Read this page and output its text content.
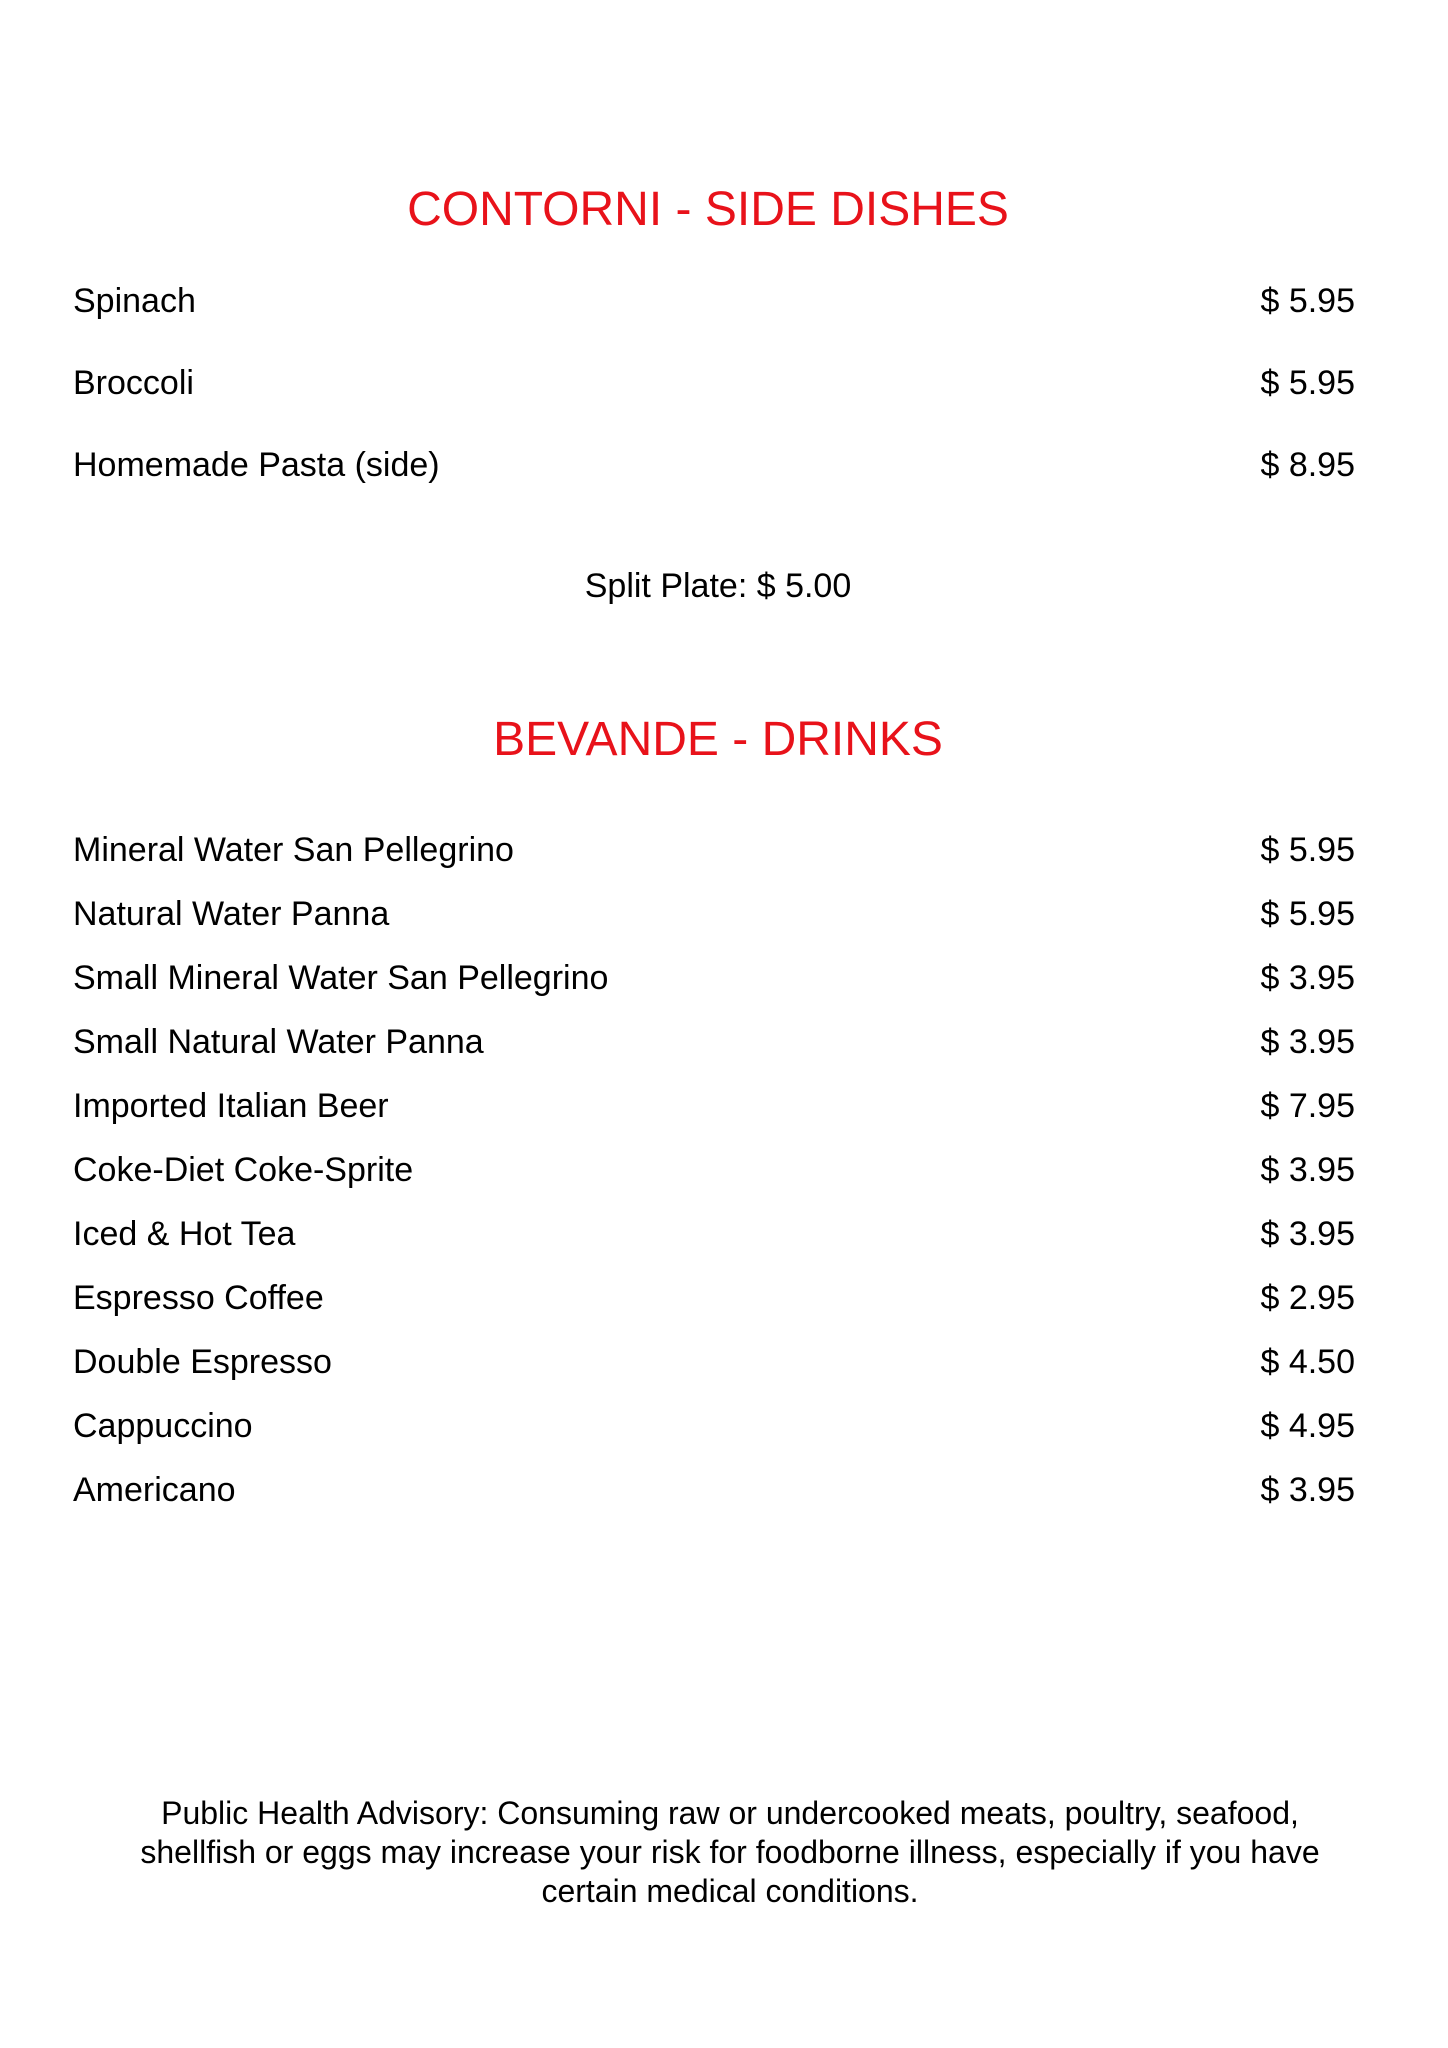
CONTORNI - SIDE DISHES
Spinach	$ 5.95
Broccoli	$ 5.95
Homemade Pasta (side)	$ 8.95
Split Plate: $ 5.00
BEVANDE - DRINKS
Mineral Water San Pellegrino	$ 5.95
Natural Water Panna	$ 5.95
Small Mineral Water San Pellegrino	$ 3.95
Small Natural Water Panna	$ 3.95
Imported Italian Beer	$ 7.95
Coke-Diet Coke-Sprite	$ 3.95
Iced & Hot Tea	$ 3.95
Espresso Coffee	$ 2.95
Double Espresso	$ 4.50
Cappuccino	$ 4.95
Americano	$ 3.95
Public Health Advisory: Consuming raw or undercooked meats, poultry, seafood, shellfish or eggs may increase your risk for foodborne illness, especially if you have certain medical conditions.
